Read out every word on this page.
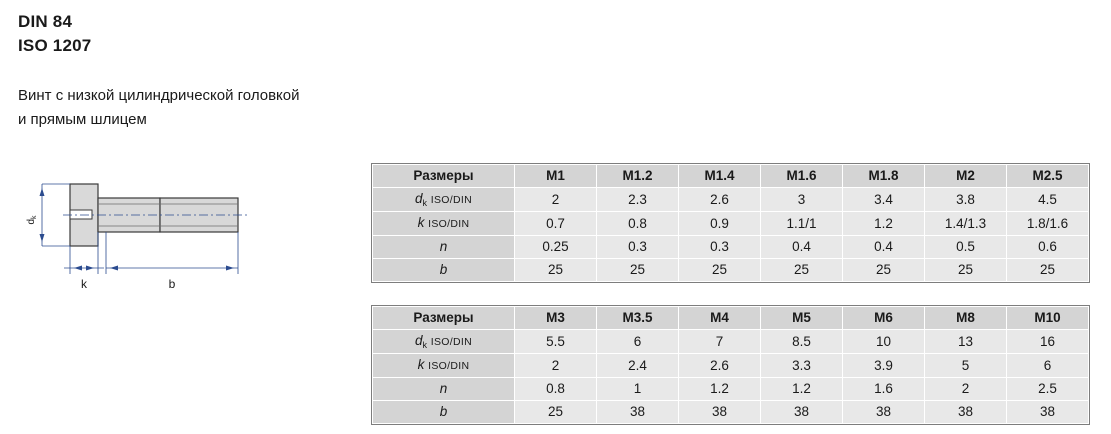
DIN 84
ISO 1207
Винт с низкой цилиндрической головкой
и прямым шлицем
$d_k$
k	b
Размеры	M1	M1.2	M1.4	M1.6	M1.8	M2	M2.5
$d_k$ ISO/DIN	2	2.3	2.6	3	3.4	3.8	4.5
k ISO/DIN	0.7	0.8	0.9	1.1/1	1.2	1.4/1.3	1.8/1.6
n	0.25	0.3	0.3	0.4	0.4	0.5	0.6
b	25	25	25	25	25	25	25
Размеры	M3	M3.5	M4	M5	M6	M8	M10
$d_k$ ISO/DIN	5.5	6	7	8.5	10	13	16
k ISO/DIN	2	2.4	2.6	3.3	3.9	5	6
n	0.8	1	1.2	1.2	1.6	2	2.5
b	25	38	38	38	38	38	38
